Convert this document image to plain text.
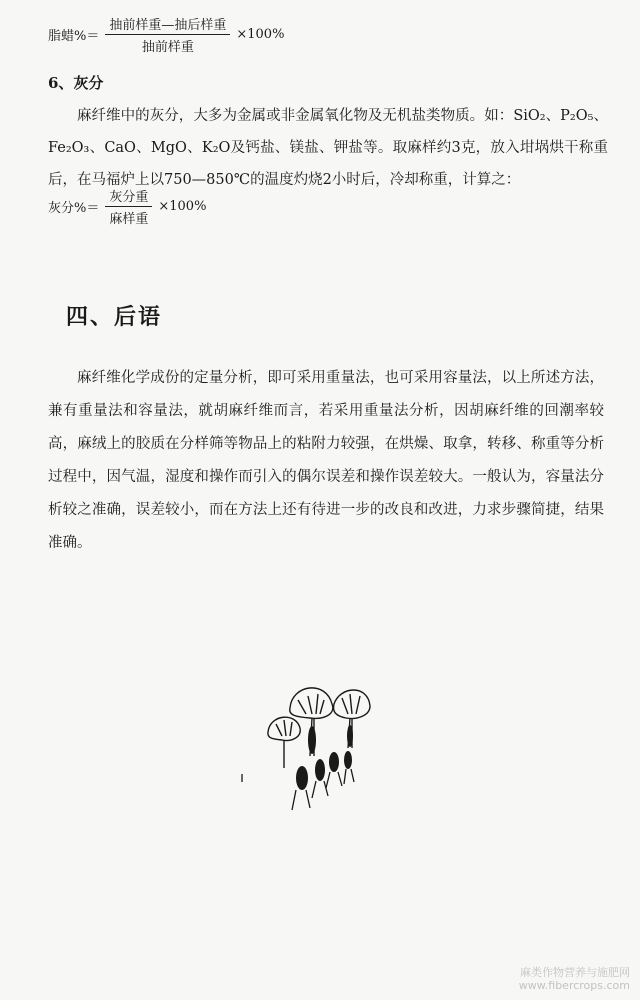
脂蜡%＝ $\frac{\text{抽前样重—抽后样重}}{\text{抽前样重}} \times 100\%$
6、灰分

麻纤维中的灰分，大多为金属或非金属氧化物及无机盐类物质。如：SiO₂、P₂O₅、Fe₂O₃、CaO、MgO、K₂O及钙盐、镁盐、钾盐等。取麻样约3克，放入坩埚烘干称重后，在马福炉上以750—850℃的温度灼烧2小时后，冷却称重，计算之：

灰分%＝ $\frac{\text{灰分重}}{\text{麻样重}} \times 100\%$
四、后语

麻纤维化学成份的定量分析，即可采用重量法，也可采用容量法，以上所述方法，兼有重量法和容量法，就胡麻纤维而言，若采用重量法分析，因胡麻纤维的回潮率较高，麻绒上的胶质在分样筛等物品上的粘附力较强，在烘燥、取拿，转移、称重等分析过程中，因气温，湿度和操作而引入的偶尔误差和操作误差较大。一般认为，容量法分析较之准确，误差较小，而在方法上还有待进一步的改良和改进，力求步骤简捷，结果准确。

麻类作物营养与施肥网
www.fibercrops.com
